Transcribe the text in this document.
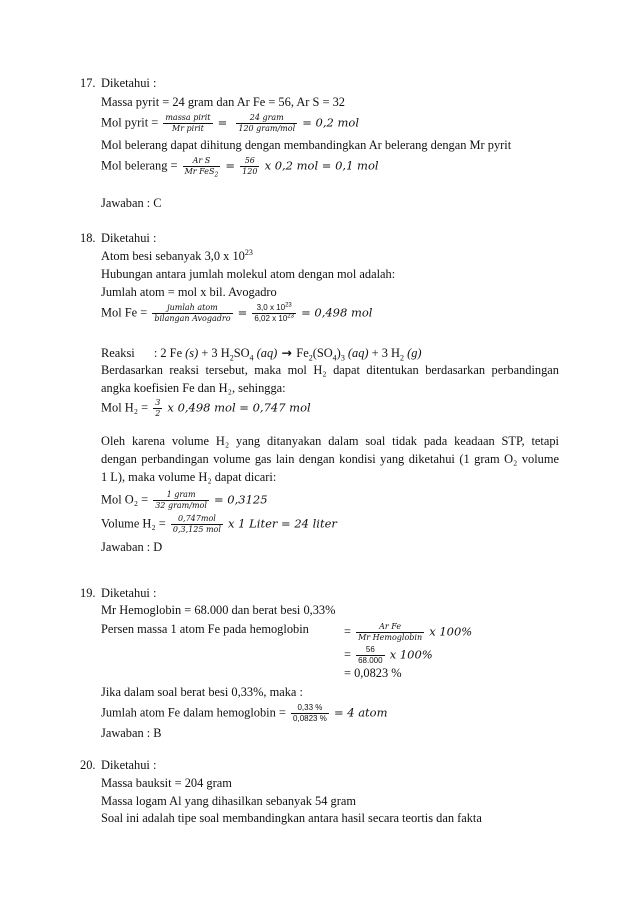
17. Diketahui :
Massa pyrit = 24 gram dan Ar Fe = 56, Ar S = 32
Mol pyrit = $\frac{\text{massa pirit}}{\text{Mr pirit}} = \frac{\text{24 gram}}{\text{120 gram/mol}} = 0,2$ mol
Mol belerang dapat dihitung dengan membandingkan Ar belerang dengan Mr pyrit
Mol belerang = $\frac{\text{Ar S}}{Mr FeS_2} = \frac{56}{120}$ x 0,2 mol = 0,1 mol
Jawaban : C
18. Diketahui :
Atom besi sebanyak 3,0 x $10^{23}$
Hubungan antara jumlah molekul atom dengan mol adalah:
Jumlah atom = mol x bil. Avogadro
Mol $Fe = \frac{\text{jumlah atom}}{\text{bilangan Avogadro}} = \frac{3,0 x 10^{23}}{6,02 x 10^{23}} = 0,498$ mol
Reaksi : 2 Fe (s) + 3 $H_2SO_4$ $(aq) \to Fe_2(SO_4)_3$ (aq) + 3 $H_2$ (g)
Berdasarkan reaksi tersebut, maka mol H₂ dapat ditentukan berdasarkan perbandingan
angka koefisien Fe dan H₂, sehingga:
Mol $H_2 = \frac{3}{2}$ x 0,498 mol = 0,747 mol
Oleh karena volume H₂ yang ditanyakan dalam soal tidak pada keadaan STP, tetapi
dengan perbandingan volume gas lain dengan kondisi yang diketahui (1 gram O₂ volume
1 L), maka volume H₂ dapat dicari:
Mol $O_2 = \frac{\text{1 gram}}{\text{32 gram/mol}} = 0,3125$
Volume $H_2 = \frac{\text{0,747mol}}{\text{0,3,125 mol}}$ x 1 Liter = 24 liter
Jawaban : D
19. Diketahui :
Mr Hemoglobin = 68.000 dan berat besi 0,33%
Persen massa 1 atom Fe pada hemoglobin	= $\frac{\text{Ar Fe}}{\text{Mr Hemoglobin}}$ x 100%
= $\frac{56}{68.000}$ x 100%
= 0,0823 %
Jika dalam soal berat besi 0,33%, maka :
Jumlah atom Fe dalam hemoglobin = $\frac{0,33 \%}{0,0823 \%} = 4$ atom
Jawaban : B
20. Diketahui :
Massa bauksit = 204 gram
Massa logam Al yang dihasilkan sebanyak 54 gram
Soal ini adalah tipe soal membandingkan antara hasil secara teortis dan fakta
